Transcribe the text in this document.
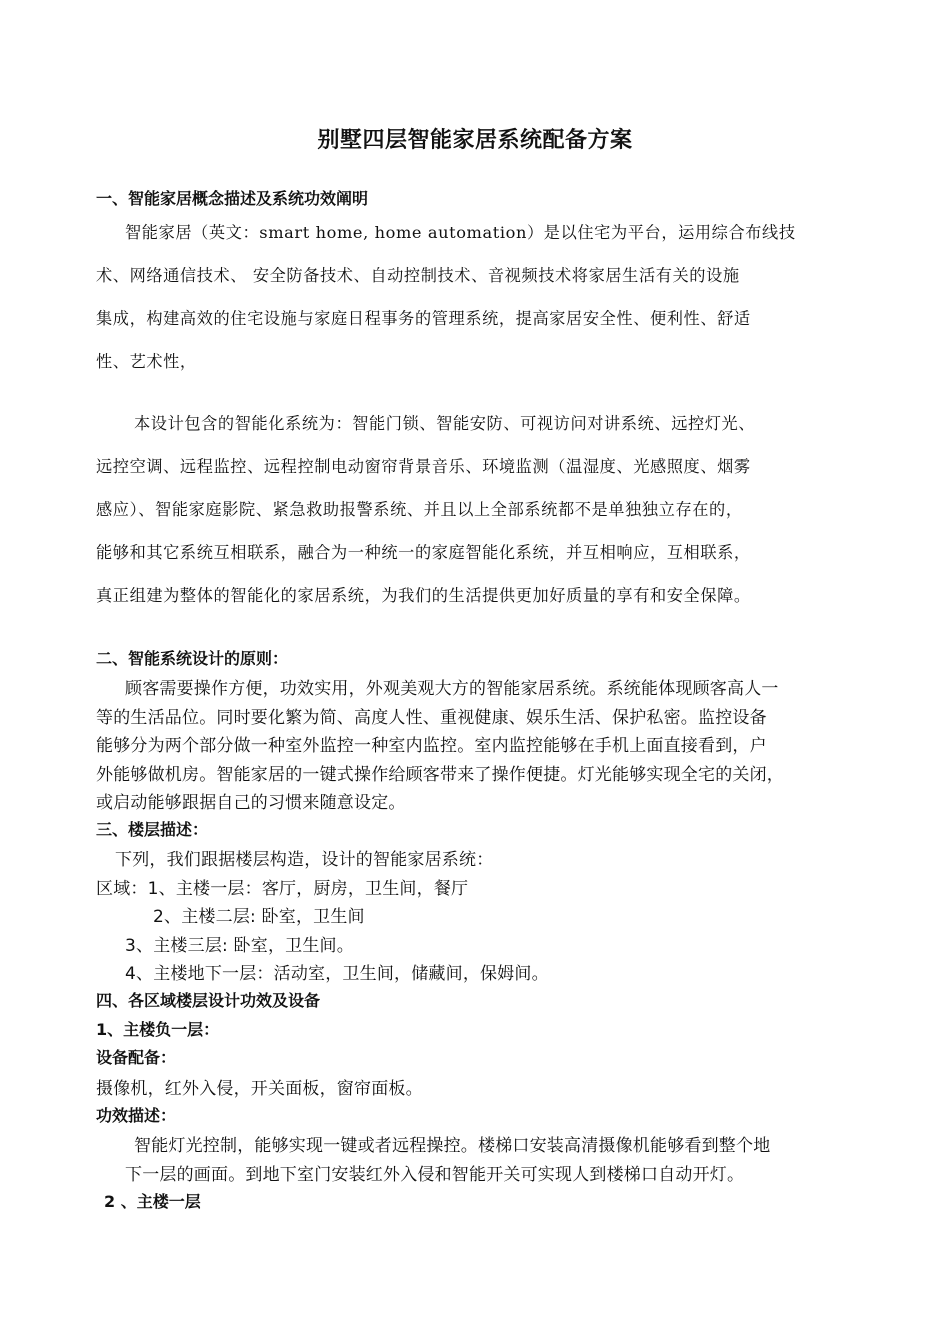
别墅四层智能家居系统配备方案
一、智能家居概念描述及系统功效阐明
智能家居（英文：smart home, home automation）是以住宅为平台，运用综合布线技
术、网络通信技术、 安全防备技术、自动控制技术、音视频技术将家居生活有关的设施
集成，构建高效的住宅设施与家庭日程事务的管理系统，提高家居安全性、便利性、舒适
性、艺术性，
本设计包含的智能化系统为：智能门锁、智能安防、可视访问对讲系统、远控灯光、
远控空调、远程监控、远程控制电动窗帘背景音乐、环境监测（温湿度、光感照度、烟雾
感应）、智能家庭影院、紧急救助报警系统、并且以上全部系统都不是单独独立存在的，
能够和其它系统互相联系，融合为一种统一的家庭智能化系统，并互相响应，互相联系，
真正组建为整体的智能化的家居系统，为我们的生活提供更加好质量的享有和安全保障。
二、智能系统设计的原则：
顾客需要操作方便，功效实用，外观美观大方的智能家居系统。系统能体现顾客高人一
等的生活品位。同时要化繁为简、高度人性、重视健康、娱乐生活、保护私密。监控设备
能够分为两个部分做一种室外监控一种室内监控。室内监控能够在手机上面直接看到，户
外能够做机房。智能家居的一键式操作给顾客带来了操作便捷。灯光能够实现全宅的关闭，
或启动能够跟据自己的习惯来随意设定。
三、楼层描述：
下列，我们跟据楼层构造，设计的智能家居系统：
区域：1、主楼一层：客厅，厨房，卫生间，餐厅
2、主楼二层: 卧室，卫生间
3、主楼三层: 卧室，卫生间。
4、主楼地下一层：活动室，卫生间，储藏间，保姆间。
四、各区域楼层设计功效及设备
1、主楼负一层：
设备配备：
摄像机，红外入侵，开关面板，窗帘面板。
功效描述：
智能灯光控制，能够实现一键或者远程操控。楼梯口安装高清摄像机能够看到整个地
下一层的画面。到地下室门安装红外入侵和智能开关可实现人到楼梯口自动开灯。
2 、主楼一层
